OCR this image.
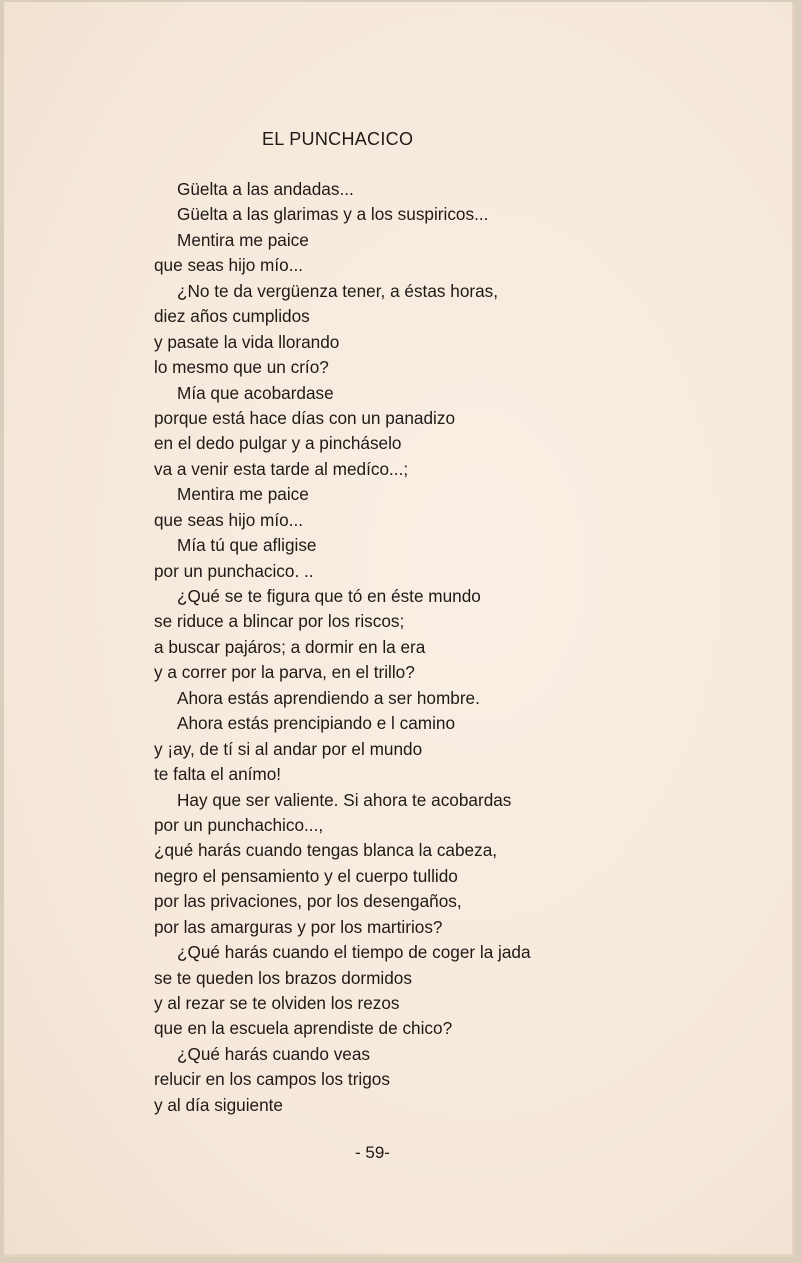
EL PUNCHACICO
Güelta a las andadas...
Güelta a las glarimas y a los suspiricos...
Mentira me paice
que seas hijo mío...
¿No te da vergüenza tener, a éstas horas,
diez años cumplidos
y pasate la vida llorando
lo mesmo que un crío?
Mía que acobardase
porque está hace días con un panadizo
en el dedo pulgar y a pincháselo
va a venir esta tarde al medíco...;
Mentira me paice
que seas hijo mío...
Mía tú que afligise
por un punchacico. ..
¿Qué se te figura que tó en éste mundo
se riduce a blincar por los riscos;
a buscar pajáros; a dormir en la era
y a correr por la parva, en el trillo?
Ahora estás aprendiendo a ser hombre.
Ahora estás prencipiando e l camino
y ¡ay, de tí si al andar por el mundo
te falta el anímo!
Hay que ser valiente. Si ahora te acobardas
por un punchachico...,
¿qué harás cuando tengas blanca la cabeza,
negro el pensamiento y el cuerpo tullido
por las privaciones, por los desengaños,
por las amarguras y por los martirios?
¿Qué harás cuando el tiempo de coger la jada
se te queden los brazos dormidos
y al rezar se te olviden los rezos
que en la escuela aprendiste de chico?
¿Qué harás cuando veas
relucir en los campos los trigos
y al día siguiente
- 59-
